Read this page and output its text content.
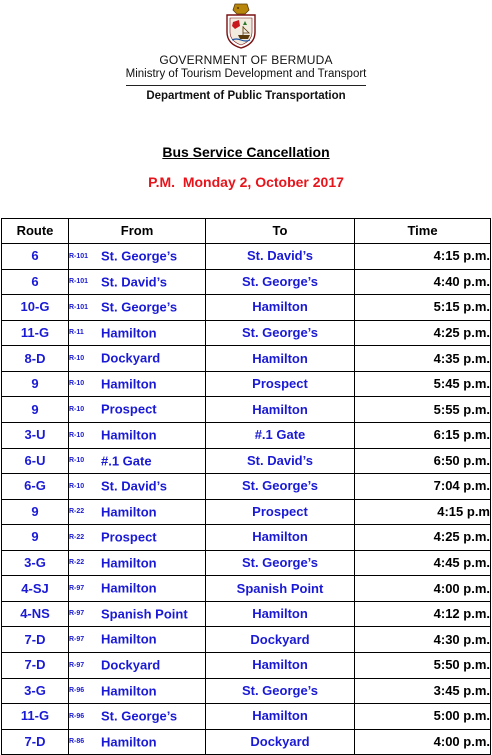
GOVERNMENT OF BERMUDA
Ministry of Tourism Development and Transport
Department of Public Transportation
Bus Service Cancellation
P.M.  Monday 2, October 2017
Route	From	To	Time
6	R-101 St. George’s	St. David’s	4:15 p.m.
6	R-101 St. David’s	St. George’s	4:40 p.m.
10-G	R-101 St. George’s	Hamilton	5:15 p.m.
11-G	R-11 Hamilton	St. George’s	4:25 p.m.
8-D	R-10 Dockyard	Hamilton	4:35 p.m.
9	R-10 Hamilton	Prospect	5:45 p.m.
9	R-10 Prospect	Hamilton	5:55 p.m.
3-U	R-10 Hamilton	#.1 Gate	6:15 p.m.
6-U	R-10 #.1 Gate	St. David’s	6:50 p.m.
6-G	R-10 St. David’s	St. George’s	7:04 p.m.
9	R-22 Hamilton	Prospect	4:15 p.m
9	R-22 Prospect	Hamilton	4:25 p.m.
3-G	R-22 Hamilton	St. George’s	4:45 p.m.
4-SJ	R-97 Hamilton	Spanish Point	4:00 p.m.
4-NS	R-97 Spanish Point	Hamilton	4:12 p.m.
7-D	R-97 Hamilton	Dockyard	4:30 p.m.
7-D	R-97 Dockyard	Hamilton	5:50 p.m.
3-G	R-96 Hamilton	St. George’s	3:45 p.m.
11-G	R-96 St. George’s	Hamilton	5:00 p.m.
7-D	R-86 Hamilton	Dockyard	4:00 p.m.
